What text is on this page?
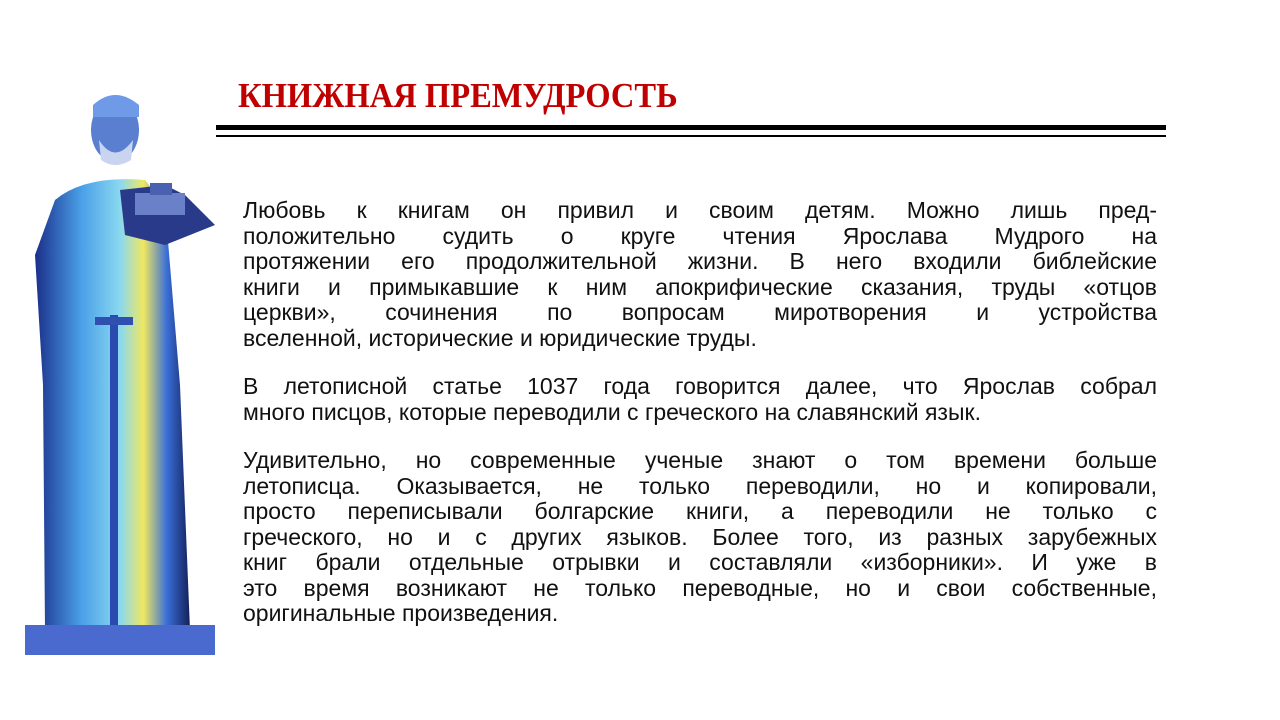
КНИЖНАЯ ПРЕМУДРОСТЬ
Любовь к книгам он привил и своим детям. Можно лишь пред-
положительно судить о круге чтения Ярослава Мудрого на
протяжении его продолжительной жизни. В него входили библейские
книги и примыкавшие к ним апокрифические сказания, труды «отцов
церкви», сочинения по вопросам миротворения и устройства
вселенной, исторические и юридические труды.
В летописной статье 1037 года говорится далее, что Ярослав собрал
много писцов, которые переводили с греческого на славянский язык.
Удивительно, но современные ученые знают о том времени больше
летописца. Оказывается, не только переводили, но и копировали,
просто переписывали болгарские книги, а переводили не только с
греческого, но и с других языков. Более того, из разных зарубежных
книг брали отдельные отрывки и составляли «изборники». И уже в
это время возникают не только переводные, но и свои собственные,
оригинальные произведения.
